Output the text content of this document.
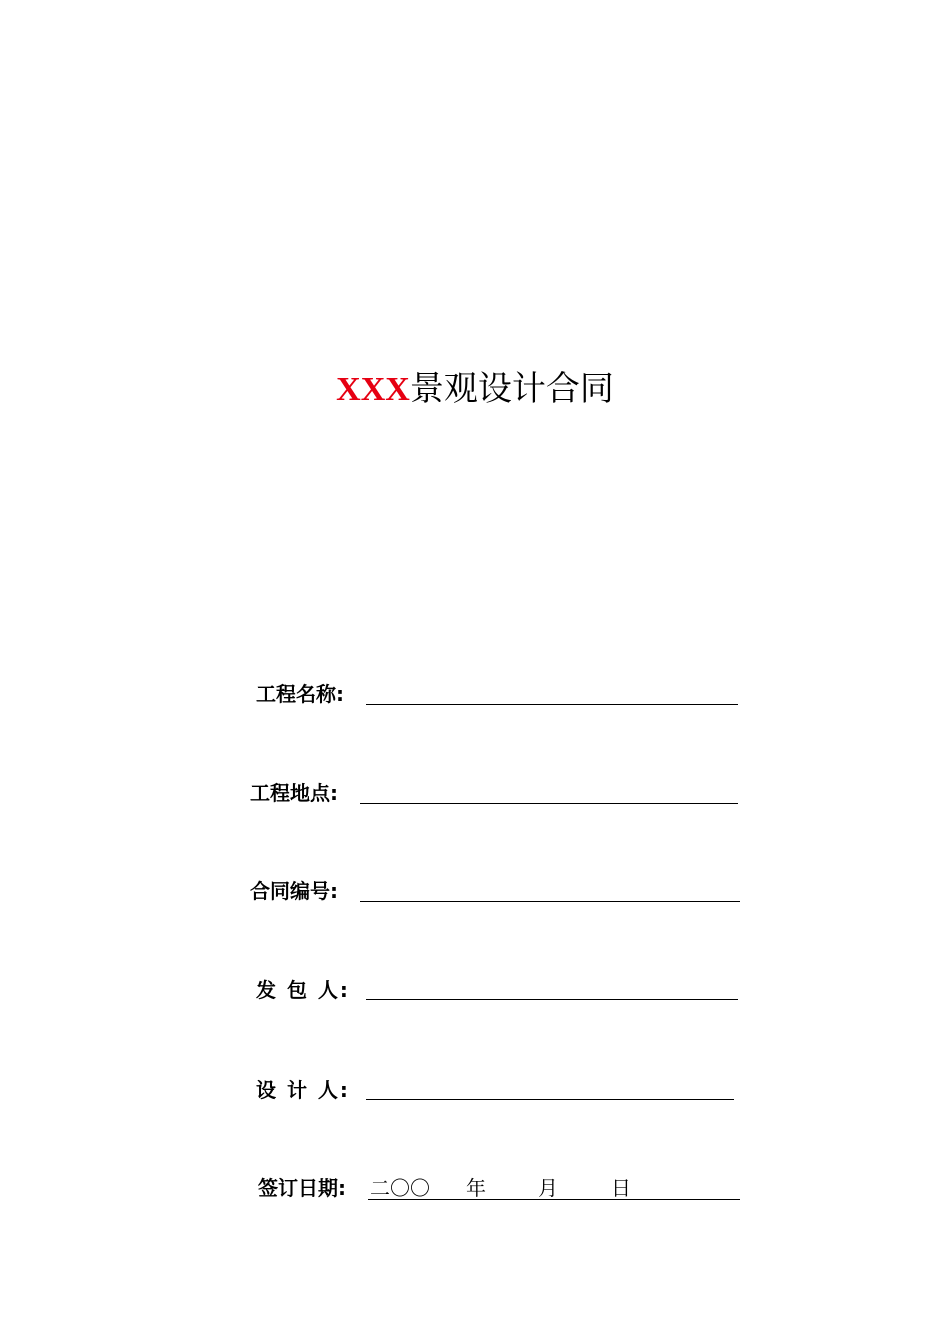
XXX景观设计合同
工程名称:
工程地点:
合同编号:
发 包 人:
设 计 人:
签订日期: 二〇〇 年	月	日
